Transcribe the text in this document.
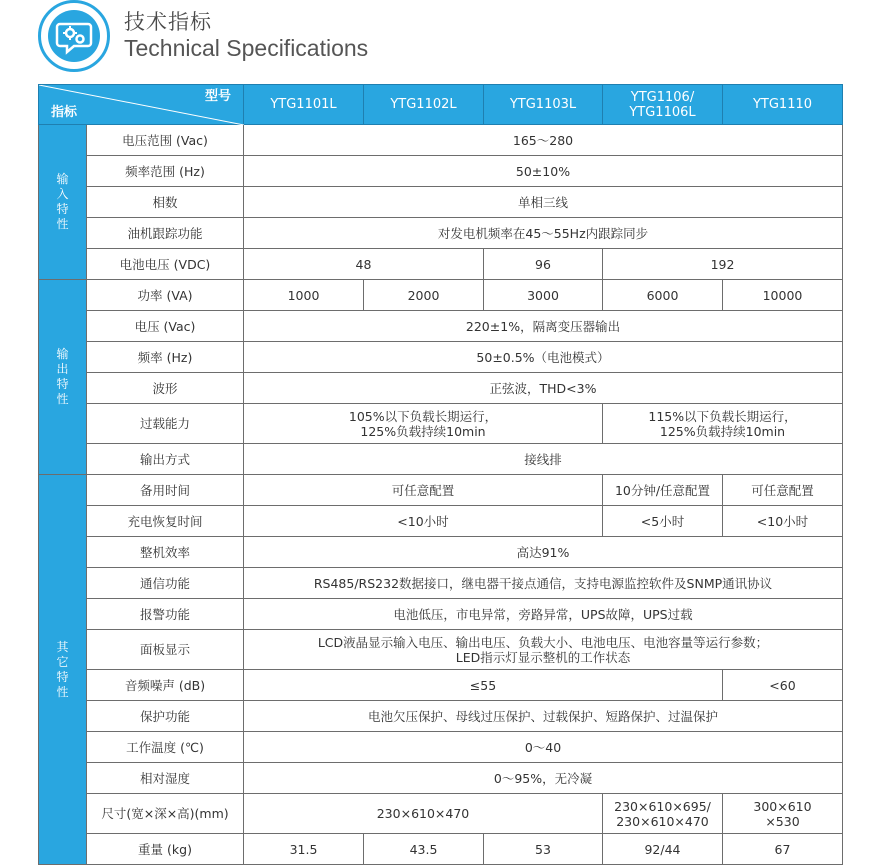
技术指标
Technical Specifications
型号
指标		YTG1101L	YTG1102L	YTG1103L	YTG1106/
YTG1106L	YTG1110

输入特性	电压范围 (Vac)	165～280				
	频率范围 (Hz)	50±10%				
	相数	单相三线				
	油机跟踪功能	对发电机频率在45～55Hz内跟踪同步				
	电池电压 (VDC)	48		96	192	

输出特性	功率 (VA)	1000	2000	3000	6000	10000
	电压 (Vac)	220±1%，隔离变压器输出				
	频率 (Hz)	50±0.5%（电池模式）				
	波形	正弦波，THD<3%				
	过载能力	105%以下负载长期运行，
125%负载持续10min			115%以下负载长期运行，
125%负载持续10min	
	输出方式	接线排				

其它特性	备用时间	可任意配置			10分钟/任意配置	可任意配置
	充电恢复时间	<10小时			<5小时	<10小时
	整机效率	高达91%				
	通信功能	RS485/RS232数据接口，继电器干接点通信，支持电源监控软件及SNMP通讯协议				
	报警功能	电池低压，市电异常，旁路异常，UPS故障，UPS过载				
	面板显示	LCD液晶显示输入电压、输出电压、负载大小、电池电压、电池容量等运行参数；
LED指示灯显示整机的工作状态				
	音频噪声 (dB)	≤55				<60
	保护功能	电池欠压保护、母线过压保护、过载保护、短路保护、过温保护				
	工作温度 (℃)	0～40				
	相对湿度	0～95%，无冷凝				
	尺寸(宽×深×高)(mm)	230×610×470			230×610×695/
230×610×470	300×610
×530
	重量 (kg)	31.5	43.5	53	92/44	67
